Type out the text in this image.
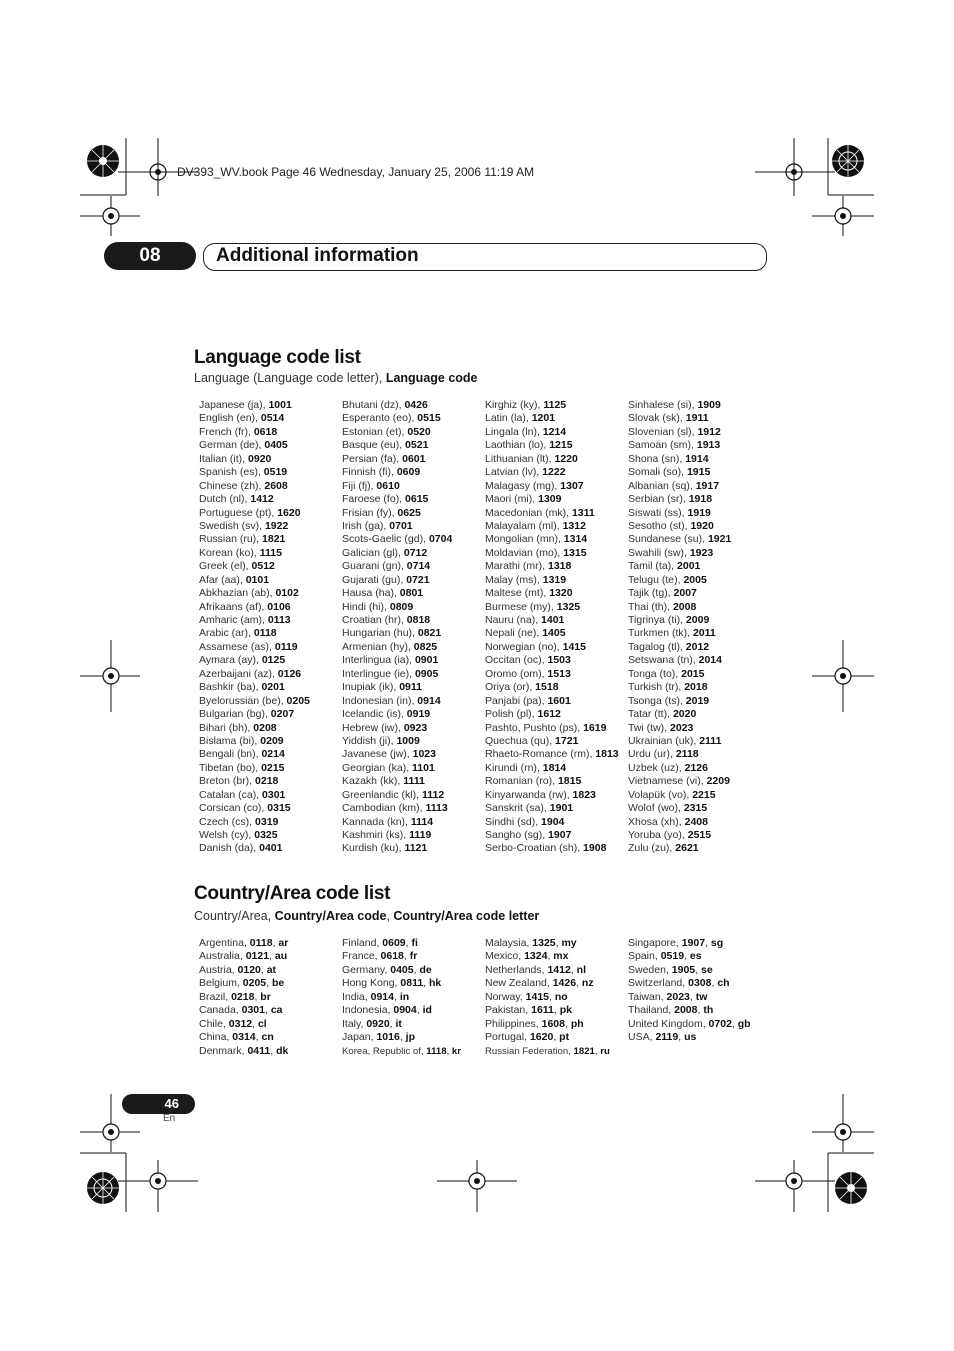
DV393_WV.book Page 46 Wednesday, January 25, 2006 11:19 AM
08	Additional information
Language code list
Language (Language code letter), Language code
Japanese (ja), 1001
English (en), 0514
French (fr), 0618
German (de), 0405
Italian (it), 0920
Spanish (es), 0519
Chinese (zh), 2608
Dutch (nl), 1412
Portuguese (pt), 1620
Swedish (sv), 1922
Russian (ru), 1821
Korean (ko), 1115
Greek (el), 0512
Afar (aa), 0101
Abkhazian (ab), 0102
Afrikaans (af), 0106
Amharic (am), 0113
Arabic (ar), 0118
Assamese (as), 0119
Aymara (ay), 0125
Azerbaijani (az), 0126
Bashkir (ba), 0201
Byelorussian (be), 0205
Bulgarian (bg), 0207
Bihari (bh), 0208
Bislama (bi), 0209
Bengali (bn), 0214
Tibetan (bo), 0215
Breton (br), 0218
Catalan (ca), 0301
Corsican (co), 0315
Czech (cs), 0319
Welsh (cy), 0325
Danish (da), 0401
Bhutani (dz), 0426
Esperanto (eo), 0515
Estonian (et), 0520
Basque (eu), 0521
Persian (fa), 0601
Finnish (fi), 0609
Fiji (fj), 0610
Faroese (fo), 0615
Frisian (fy), 0625
Irish (ga), 0701
Scots-Gaelic (gd), 0704
Galician (gl), 0712
Guarani (gn), 0714
Gujarati (gu), 0721
Hausa (ha), 0801
Hindi (hi), 0809
Croatian (hr), 0818
Hungarian (hu), 0821
Armenian (hy), 0825
Interlingua (ia), 0901
Interlingue (ie), 0905
Inupiak (ik), 0911
Indonesian (in), 0914
Icelandic (is), 0919
Hebrew (iw), 0923
Yiddish (ji), 1009
Javanese (jw), 1023
Georgian (ka), 1101
Kazakh (kk), 1111
Greenlandic (kl), 1112
Cambodian (km), 1113
Kannada (kn), 1114
Kashmiri (ks), 1119
Kurdish (ku), 1121
Kirghiz (ky), 1125
Latin (la), 1201
Lingala (ln), 1214
Laothian (lo), 1215
Lithuanian (lt), 1220
Latvian (lv), 1222
Malagasy (mg), 1307
Maori (mi), 1309
Macedonian (mk), 1311
Malayalam (ml), 1312
Mongolian (mn), 1314
Moldavian (mo), 1315
Marathi (mr), 1318
Malay (ms), 1319
Maltese (mt), 1320
Burmese (my), 1325
Nauru (na), 1401
Nepali (ne), 1405
Norwegian (no), 1415
Occitan (oc), 1503
Oromo (om), 1513
Oriya (or), 1518
Panjabi (pa), 1601
Polish (pl), 1612
Pashto, Pushto (ps), 1619
Quechua (qu), 1721
Rhaeto-Romance (rm), 1813
Kirundi (rn), 1814
Romanian (ro), 1815
Kinyarwanda (rw), 1823
Sanskrit (sa), 1901
Sindhi (sd), 1904
Sangho (sg), 1907
Serbo-Croatian (sh), 1908
Sinhalese (si), 1909
Slovak (sk), 1911
Slovenian (sl), 1912
Samoan (sm), 1913
Shona (sn), 1914
Somali (so), 1915
Albanian (sq), 1917
Serbian (sr), 1918
Siswati (ss), 1919
Sesotho (st), 1920
Sundanese (su), 1921
Swahili (sw), 1923
Tamil (ta), 2001
Telugu (te), 2005
Tajik (tg), 2007
Thai (th), 2008
Tigrinya (ti), 2009
Turkmen (tk), 2011
Tagalog (tl), 2012
Setswana (tn), 2014
Tonga (to), 2015
Turkish (tr), 2018
Tsonga (ts), 2019
Tatar (tt), 2020
Twi (tw), 2023
Ukrainian (uk), 2111
Urdu (ur), 2118
Uzbek (uz), 2126
Vietnamese (vi), 2209
Volapük (vo), 2215
Wolof (wo), 2315
Xhosa (xh), 2408
Yoruba (yo), 2515
Zulu (zu), 2621
Country/Area code list
Country/Area, Country/Area code, Country/Area code letter
Argentina, 0118, ar
Australia, 0121, au
Austria, 0120, at
Belgium, 0205, be
Brazil, 0218, br
Canada, 0301, ca
Chile, 0312, cl
China, 0314, cn
Denmark, 0411, dk
Finland, 0609, fi
France, 0618, fr
Germany, 0405, de
Hong Kong, 0811, hk
India, 0914, in
Indonesia, 0904, id
Italy, 0920, it
Japan, 1016, jp
Korea, Republic of, 1118, kr
Malaysia, 1325, my
Mexico, 1324, mx
Netherlands, 1412, nl
New Zealand, 1426, nz
Norway, 1415, no
Pakistan, 1611, pk
Philippines, 1608, ph
Portugal, 1620, pt
Russian Federation, 1821, ru
Singapore, 1907, sg
Spain, 0519, es
Sweden, 1905, se
Switzerland, 0308, ch
Taiwan, 2023, tw
Thailand, 2008, th
United Kingdom, 0702, gb
USA, 2119, us
46
En
